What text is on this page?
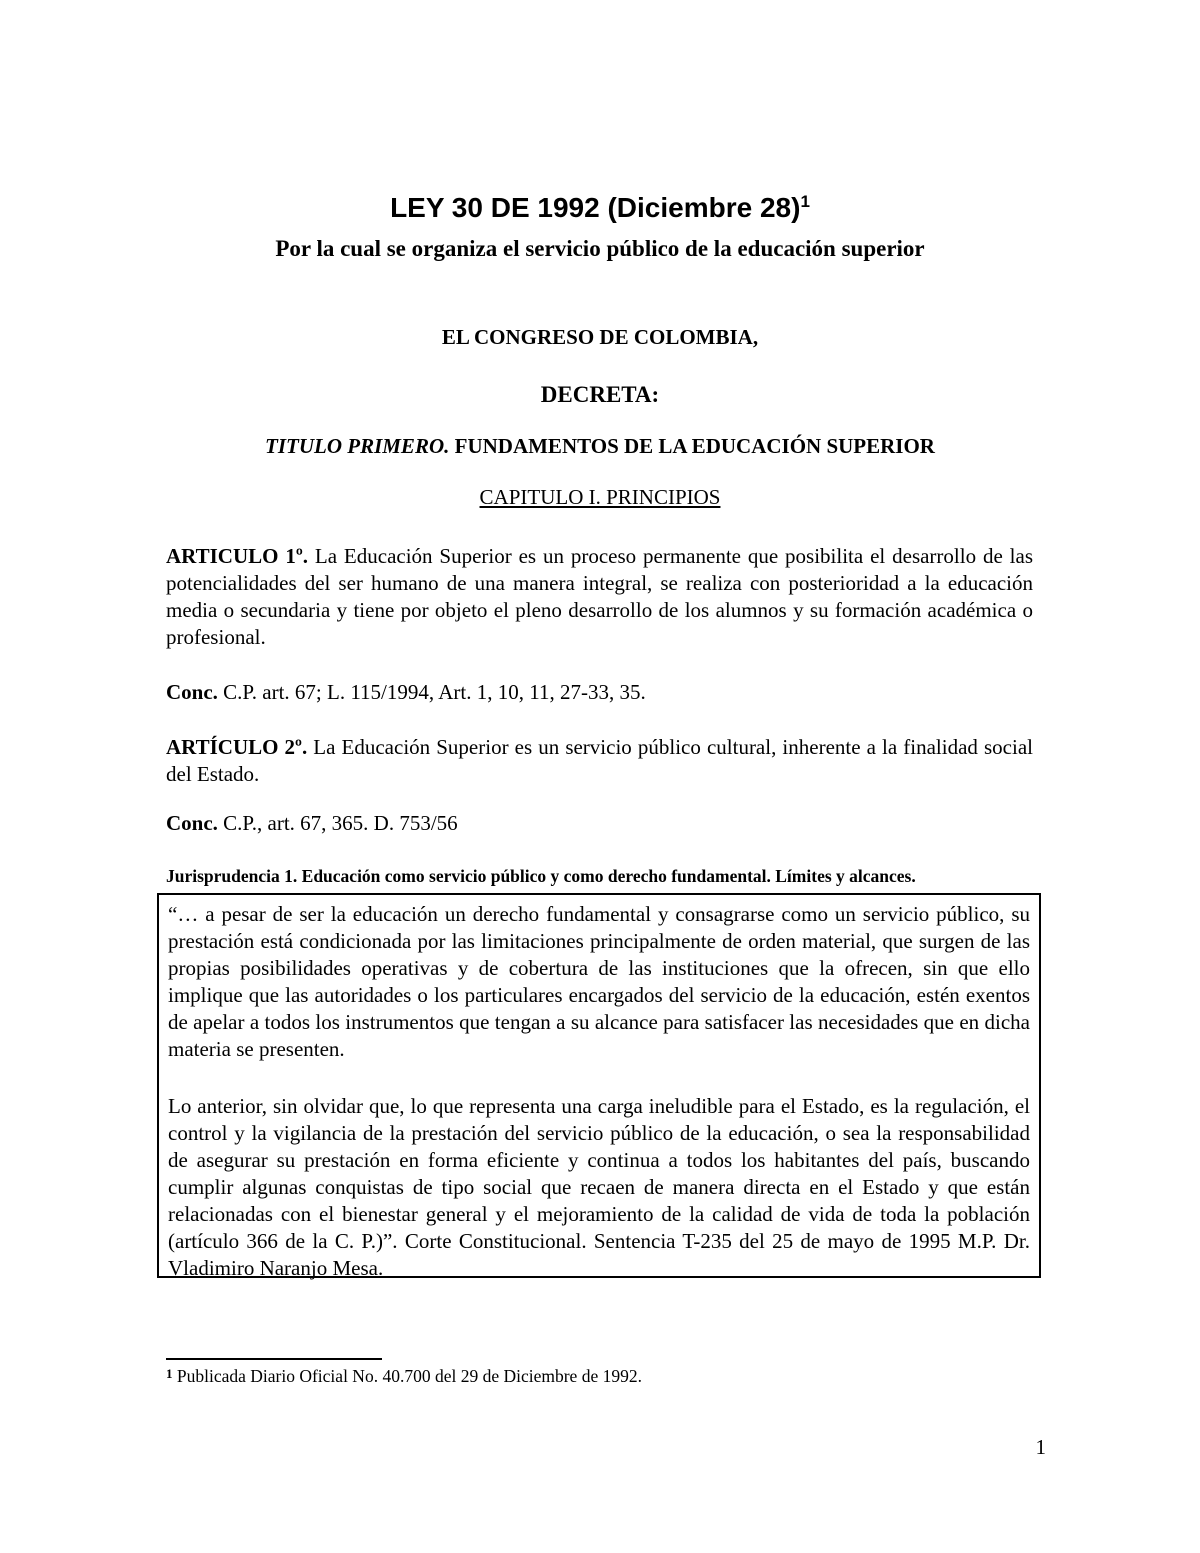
LEY 30 DE 1992 (Diciembre 28)$^1$
Por la cual se organiza el servicio público de la educación superior
EL CONGRESO DE COLOMBIA,
DECRETA:
TITULO PRIMERO. FUNDAMENTOS DE LA EDUCACIÓN SUPERIOR
CAPITULO I. PRINCIPIOS
ARTICULO 1º. La Educación Superior es un proceso permanente que posibilita el desarrollo de las potencialidades del ser humano de una manera integral, se realiza con posterioridad a la educación media o secundaria y tiene por objeto el pleno desarrollo de los alumnos y su formación académica o profesional.
Conc. C.P. art. 67; L. 115/1994, Art. 1, 10, 11, 27-33, 35.
ARTÍCULO 2º. La Educación Superior es un servicio público cultural, inherente a la finalidad social del Estado.
Conc. C.P., art. 67, 365. D. 753/56
Jurisprudencia 1. Educación como servicio público y como derecho fundamental. Límites y alcances.
“… a pesar de ser la educación un derecho fundamental y consagrarse como un servicio público, su prestación está condicionada por las limitaciones principalmente de orden material, que surgen de las propias posibilidades operativas y de cobertura de las instituciones que la ofrecen, sin que ello implique que las autoridades o los particulares encargados del servicio de la educación, estén exentos de apelar a todos los instrumentos que tengan a su alcance para satisfacer las necesidades que en dicha materia se presenten.
Lo anterior, sin olvidar que, lo que representa una carga ineludible para el Estado, es la regulación, el control y la vigilancia de la prestación del servicio público de la educación, o sea la responsabilidad de asegurar su prestación en forma eficiente y continua a todos los habitantes del país, buscando cumplir algunas conquistas de tipo social que recaen de manera directa en el Estado y que están relacionadas con el bienestar general y el mejoramiento de la calidad de vida de toda la población (artículo 366 de la C. P.)”. Corte Constitucional. Sentencia T-235 del 25 de mayo de 1995 M.P. Dr. Vladimiro Naranjo Mesa.
$^1$ Publicada Diario Oficial No. 40.700 del 29 de Diciembre de 1992.
1
